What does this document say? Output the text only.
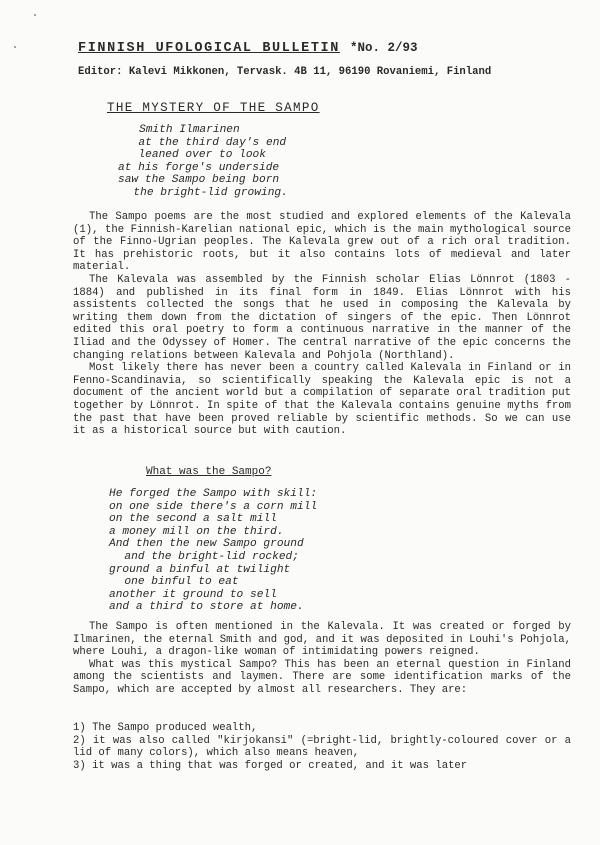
FINNISH UFOLOGICAL BULLETIN *No. 2/93
Editor: Kalevi Mikkonen, Tervask. 4B 11, 96190 Rovaniemi, Finland
THE MYSTERY OF THE SAMPO
Smith Ilmarinen
at the third day's end
leaned over to look
at his forge's underside
saw the Sampo being born
the bright-lid growing.

The Sampo poems are the most studied and explored elements of the Kalevala (1), the Finnish-Karelian national epic, which is the main mythological source of the Finno-Ugrian peoples. The Kalevala grew out of a rich oral tradition. It has prehistoric roots, but it also contains lots of medieval and later material.

The Kalevala was assembled by the Finnish scholar Elias Lönnrot (1803 - 1884) and published in its final form in 1849. Elias Lönnrot with his assistents collected the songs that he used in composing the Kalevala by writing them down from the dictation of singers of the epic. Then Lönnrot edited this oral poetry to form a continuous narrative in the manner of the Iliad and the Odyssey of Homer. The central narrative of the epic concerns the changing relations between Kalevala and Pohjola (Northland).

Most likely there has never been a country called Kalevala in Finland or in Fenno-Scandinavia, so scientifically speaking the Kalevala epic is not a document of the ancient world but a compilation of separate oral tradition put together by Lönnrot. In spite of that the Kalevala contains genuine myths from the past that have been proved reliable by scientific methods. So we can use it as a historical source but with caution.

What was the Sampo?
He forged the Sampo with skill:
on one side there's a corn mill
on the second a salt mill
a money mill on the third.
And then the new Sampo ground
and the bright-lid rocked;
ground a binful at twilight
one binful to eat
another it ground to sell
and a third to store at home.

The Sampo is often mentioned in the Kalevala. It was created or forged by Ilmarinen, the eternal Smith and god, and it was deposited in Louhi's Pohjola, where Louhi, a dragon-like woman of intimidating powers reigned.

What was this mystical Sampo? This has been an eternal question in Finland among the scientists and laymen. There are some identification marks of the Sampo, which are accepted by almost all researchers. They are:

1) The Sampo produced wealth,
2) it was also called "kirjokansi" (=bright-lid, brightly-coloured cover or a lid of many colors), which also means heaven,
3) it was a thing that was forged or created, and it was later
